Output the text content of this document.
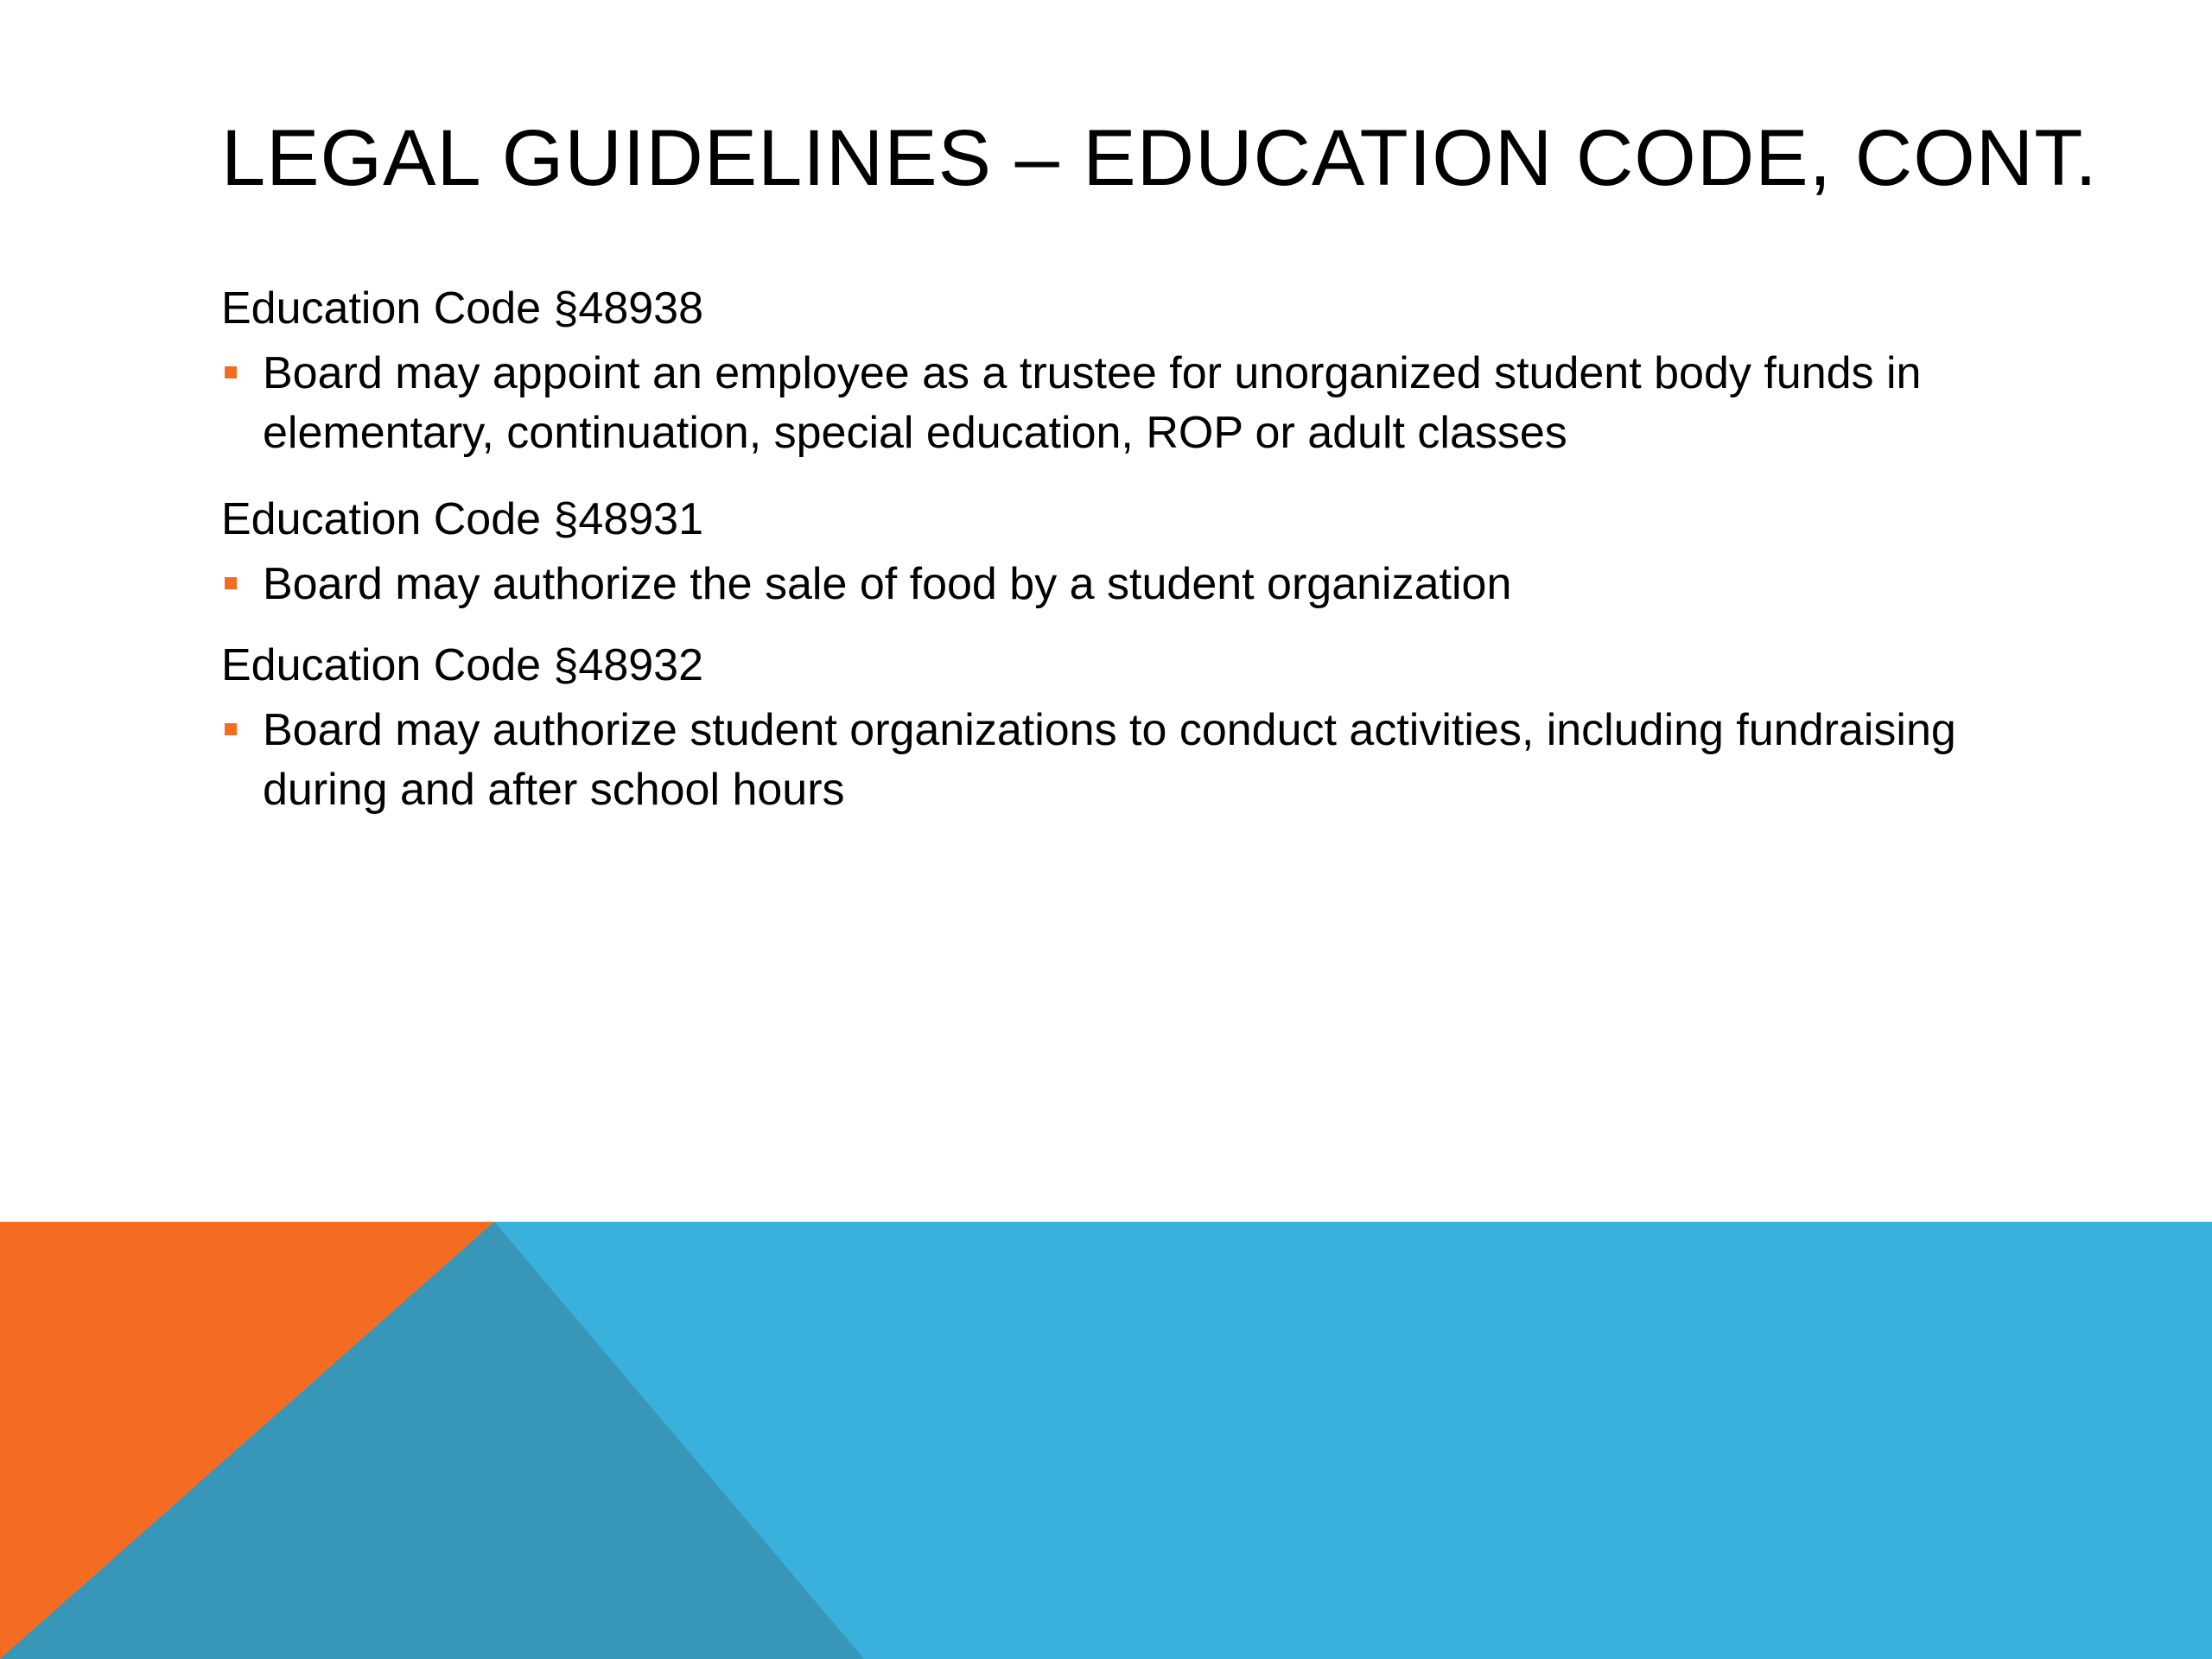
LEGAL GUIDELINES – EDUCATION CODE, CONT.
Education Code §48938
Board may appoint an employee as a trustee for unorganized student body funds in elementary, continuation, special education, ROP or adult classes
Education Code §48931
Board may authorize the sale of food by a student organization
Education Code §48932
Board may authorize student organizations to conduct activities, including fundraising during and after school hours
